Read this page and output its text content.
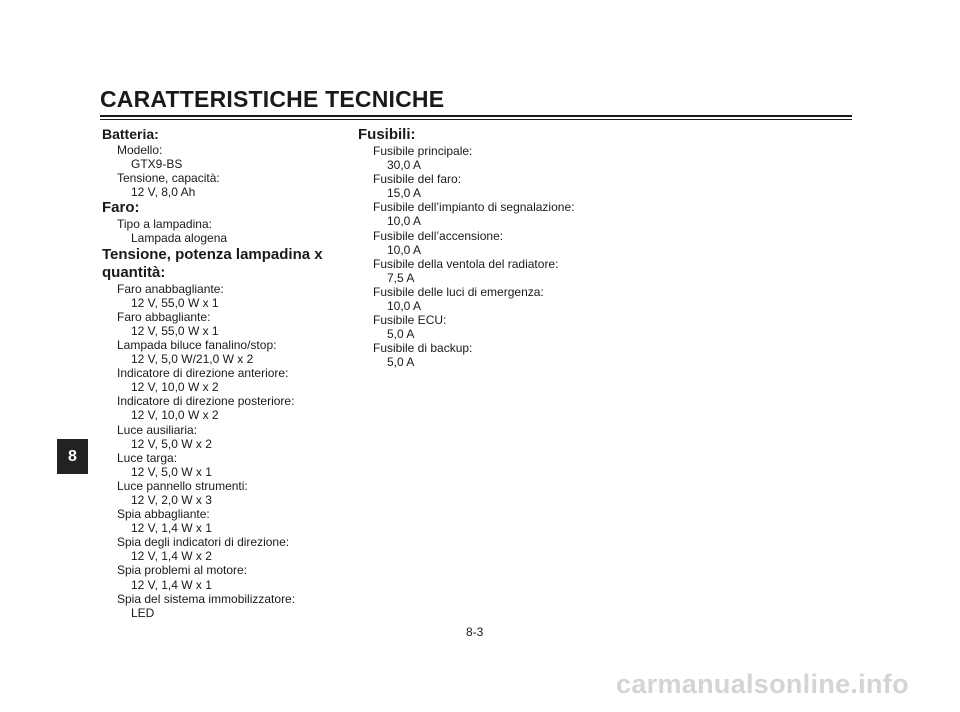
CARATTERISTICHE TECNICHE
Batteria:
Modello:
GTX9-BS
Tensione, capacità:
12 V, 8,0 Ah
Faro:
Tipo a lampadina:
Lampada alogena
Tensione, potenza lampadina x quantità:
Faro anabbagliante:
12 V, 55,0 W x 1
Faro abbagliante:
12 V, 55,0 W x 1
Lampada biluce fanalino/stop:
12 V, 5,0 W/21,0 W x 2
Indicatore di direzione anteriore:
12 V, 10,0 W x 2
Indicatore di direzione posteriore:
12 V, 10,0 W x 2
Luce ausiliaria:
12 V, 5,0 W x 2
Luce targa:
12 V, 5,0 W x 1
Luce pannello strumenti:
12 V, 2,0 W x 3
Spia abbagliante:
12 V, 1,4 W x 1
Spia degli indicatori di direzione:
12 V, 1,4 W x 2
Spia problemi al motore:
12 V, 1,4 W x 1
Spia del sistema immobilizzatore:
LED
Fusibili:
Fusibile principale:
30,0 A
Fusibile del faro:
15,0 A
Fusibile dell’impianto di segnalazione:
10,0 A
Fusibile dell’accensione:
10,0 A
Fusibile della ventola del radiatore:
7,5 A
Fusibile delle luci di emergenza:
10,0 A
Fusibile ECU:
5,0 A
Fusibile di backup:
5,0 A
8
8-3
carmanualsonline.info
